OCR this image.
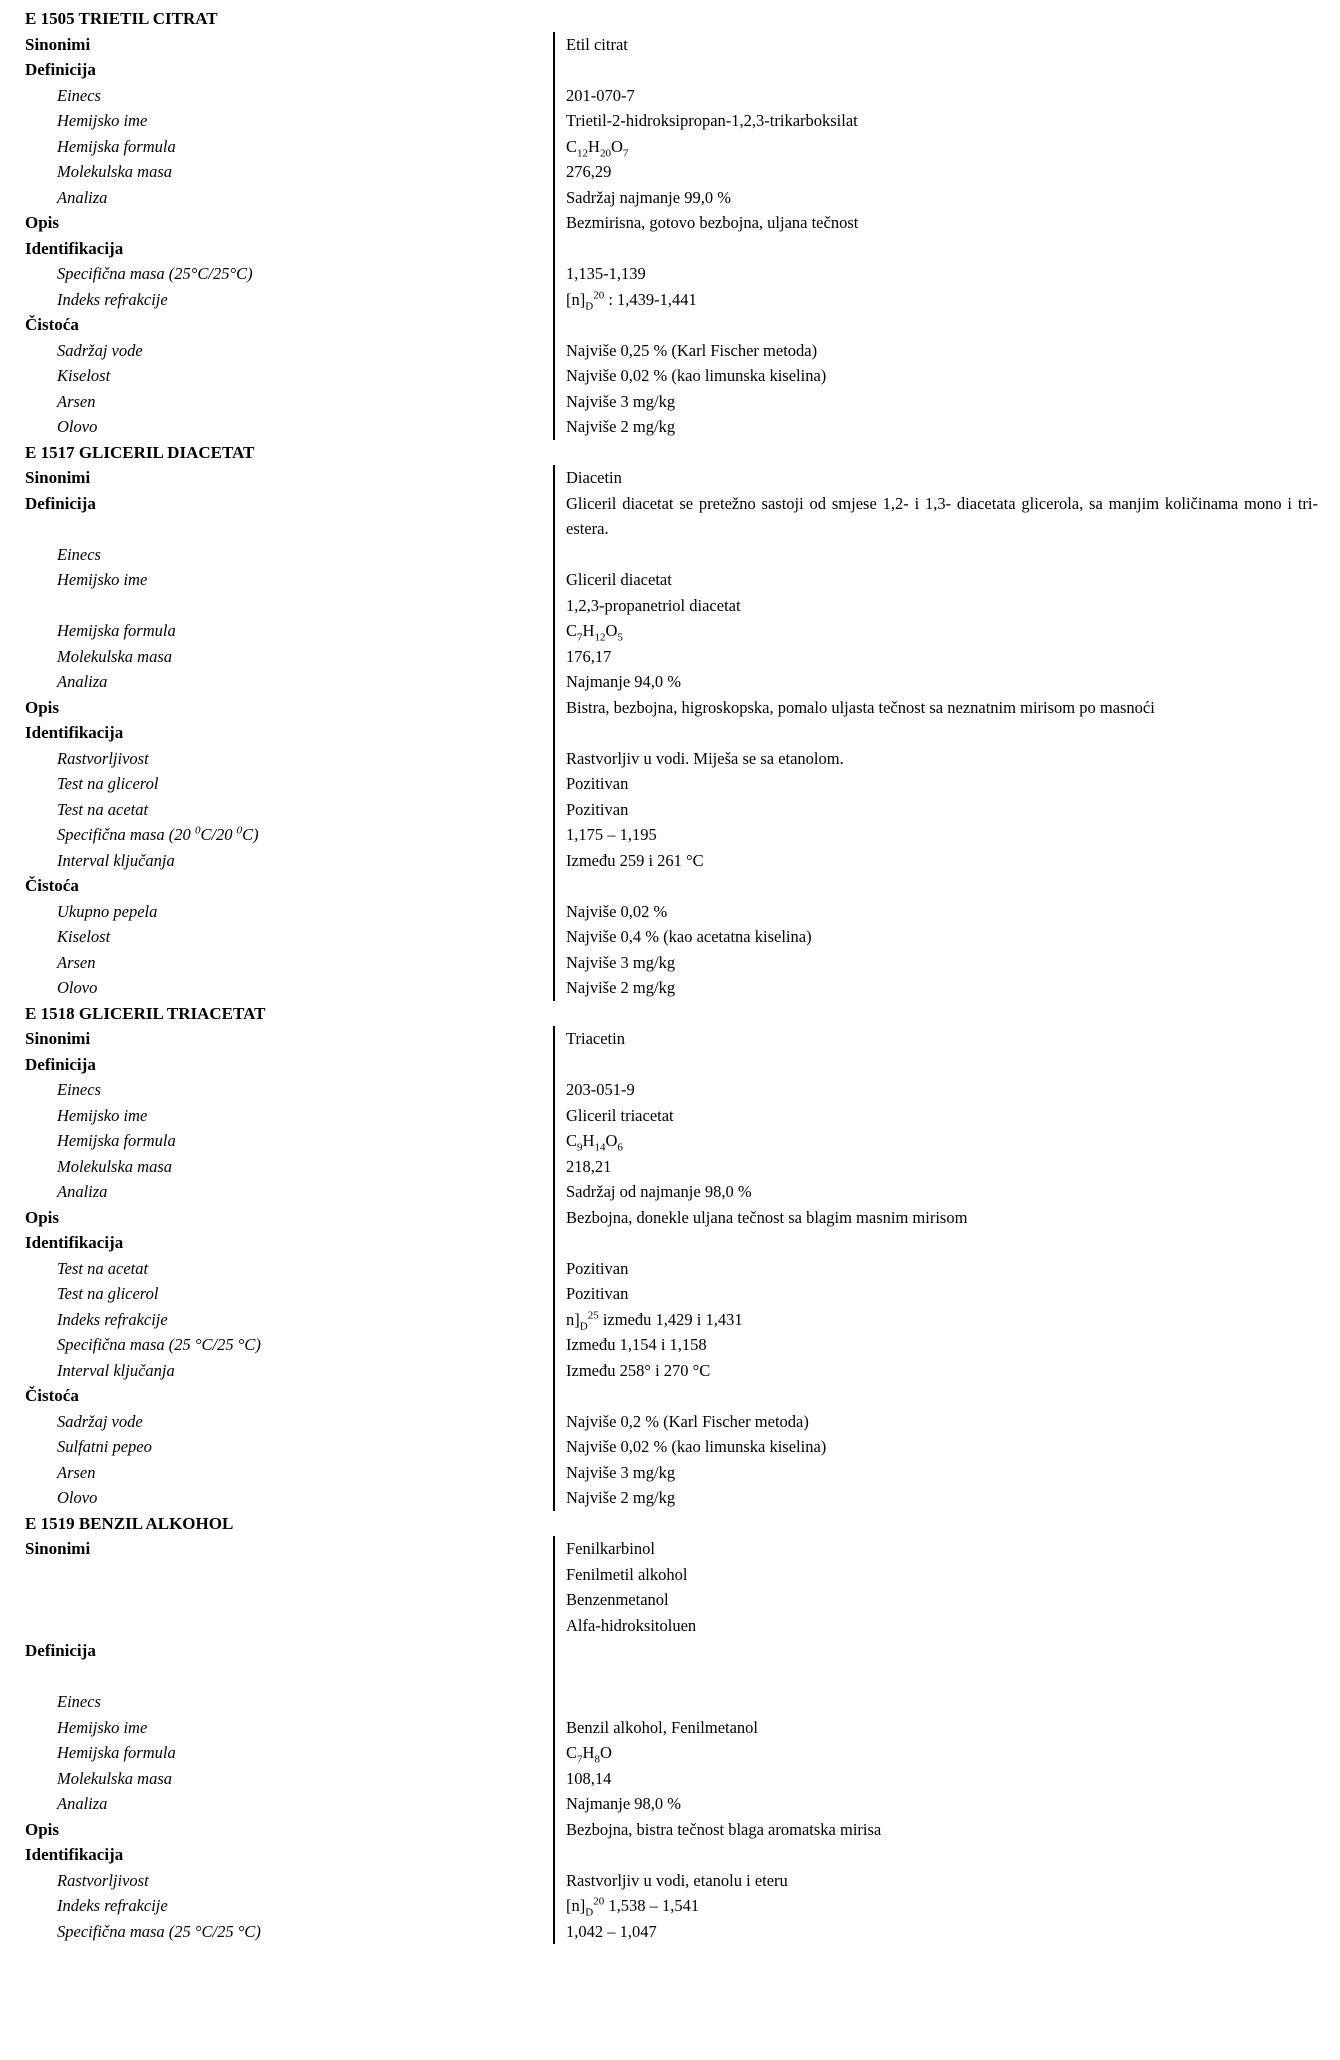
E 1505 TRIETIL CITRAT
Sinonimi	Etil citrat
Definicija
Einecs	201-070-7
Hemijsko ime	Trietil-2-hidroksipropan-1,2,3-trikarboksilat
Hemijska formula	$C_{12}H_{20}O_7$
Molekulska masa	276,29
Analiza	Sadržaj najmanje 99,0 %
Opis	Bezmirisna, gotovo bezbojna, uljana tečnost
Identifikacija
Specifična masa (25°C/25°C)	1,135-1,139
Indeks refrakcije	$[n]_D^{20}$ : 1,439-1,441
Čistoća
Sadržaj vode	Najviše 0,25 % (Karl Fischer metoda)
Kiselost	Najviše 0,02 % (kao limunska kiselina)
Arsen	Najviše 3 mg/kg
Olovo	Najviše 2 mg/kg
E 1517 GLICERIL DIACETAT
Sinonimi	Diacetin
Definicija	Gliceril diacetat se pretežno sastoji od smjese 1,2- i 1,3- diacetata glicerola, sa manjim količinama mono i tri-estera.
Einecs
Hemijsko ime	Gliceril diacetat
1,2,3-propanetriol diacetat
Hemijska formula	$C_7H_{12}O_5$
Molekulska masa	176,17
Analiza	Najmanje 94,0 %
Opis	Bistra, bezbojna, higroskopska, pomalo uljasta tečnost sa neznatnim mirisom po masnoći
Identifikacija
Rastvorljivost	Rastvorljiv u vodi. Miješa se sa etanolom.
Test na glicerol	Pozitivan
Test na acetat	Pozitivan
Specifična masa (20 $^0$C/20 $^0$C)	1,175 – 1,195
Interval ključanja	Između 259 i 261 °C
Čistoća
Ukupno pepela	Najviše 0,02 %
Kiselost	Najviše 0,4 % (kao acetatna kiselina)
Arsen	Najviše 3 mg/kg
Olovo	Najviše 2 mg/kg
E 1518 GLICERIL TRIACETAT
Sinonimi	Triacetin
Definicija
Einecs	203-051-9
Hemijsko ime	Gliceril triacetat
Hemijska formula	$C_9H_{14}O_6$
Molekulska masa	218,21
Analiza	Sadržaj od najmanje 98,0 %
Opis	Bezbojna, donekle uljana tečnost sa blagim masnim mirisom
Identifikacija
Test na acetat	Pozitivan
Test na glicerol	Pozitivan
Indeks refrakcije	$n]_D^{25}$ između 1,429 i 1,431
Specifična masa (25 °C/25 °C)	Između 1,154 i 1,158
Interval ključanja	Između 258° i 270 °C
Čistoća
Sadržaj vode	Najviše 0,2 % (Karl Fischer metoda)
Sulfatni pepeo	Najviše 0,02 % (kao limunska kiselina)
Arsen	Najviše 3 mg/kg
Olovo	Najviše 2 mg/kg
E 1519 BENZIL ALKOHOL
Sinonimi	Fenilkarbinol
Fenilmetil alkohol
Benzenmetanol
Alfa-hidroksitoluen
Definicija
Einecs
Hemijsko ime	Benzil alkohol, Fenilmetanol
Hemijska formula	$C_7H_8O$
Molekulska masa	108,14
Analiza	Najmanje 98,0 %
Opis	Bezbojna, bistra tečnost blaga aromatska mirisa
Identifikacija
Rastvorljivost	Rastvorljiv u vodi, etanolu i eteru
Indeks refrakcije	$[n]_D^{20}$ 1,538 – 1,541
Specifična masa (25 °C/25 °C)	1,042 – 1,047
